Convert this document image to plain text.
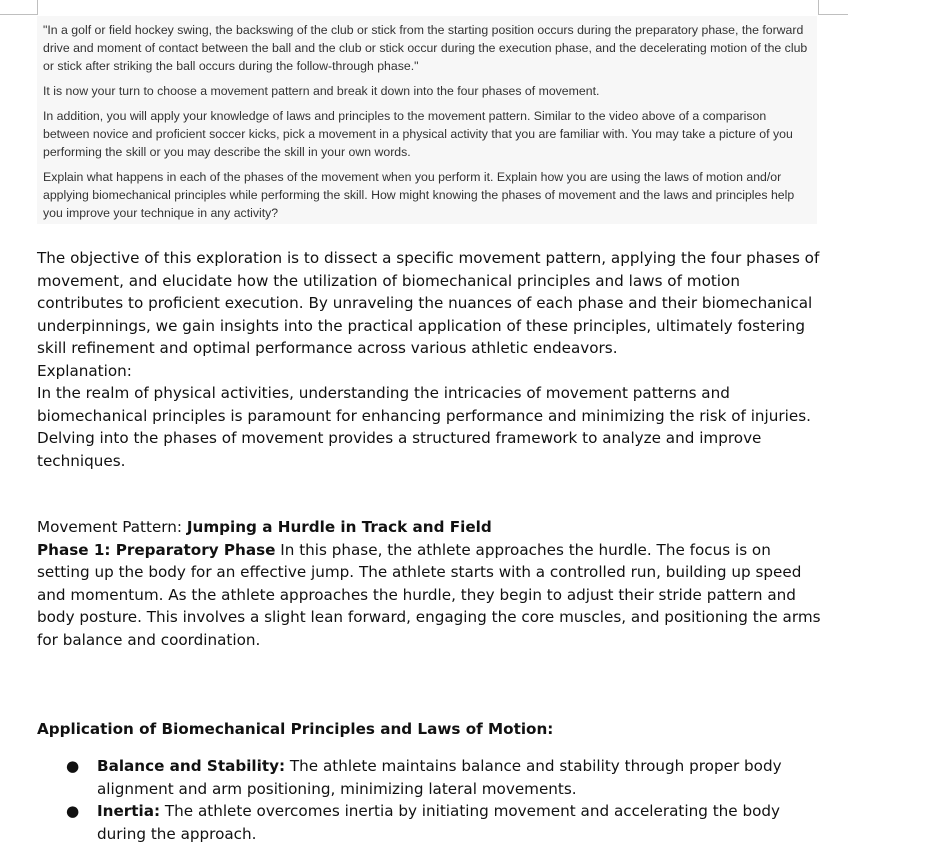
"In a golf or field hockey swing, the backswing of the club or stick from the starting position occurs during the preparatory phase, the forward drive and moment of contact between the ball and the club or stick occur during the execution phase, and the decelerating motion of the club or stick after striking the ball occurs during the follow-through phase."

It is now your turn to choose a movement pattern and break it down into the four phases of movement.

In addition, you will apply your knowledge of laws and principles to the movement pattern. Similar to the video above of a comparison between novice and proficient soccer kicks, pick a movement in a physical activity that you are familiar with. You may take a picture of you performing the skill or you may describe the skill in your own words.

Explain what happens in each of the phases of the movement when you perform it. Explain how you are using the laws of motion and/or applying biomechanical principles while performing the skill. How might knowing the phases of movement and the laws and principles help you improve your technique in any activity?

The objective of this exploration is to dissect a specific movement pattern, applying the four phases of movement, and elucidate how the utilization of biomechanical principles and laws of motion contributes to proficient execution. By unraveling the nuances of each phase and their biomechanical underpinnings, we gain insights into the practical application of these principles, ultimately fostering skill refinement and optimal performance across various athletic endeavors.

Explanation:

In the realm of physical activities, understanding the intricacies of movement patterns and biomechanical principles is paramount for enhancing performance and minimizing the risk of injuries. Delving into the phases of movement provides a structured framework to analyze and improve techniques.

Movement Pattern: Jumping a Hurdle in Track and Field

Phase 1: Preparatory Phase In this phase, the athlete approaches the hurdle. The focus is on setting up the body for an effective jump. The athlete starts with a controlled run, building up speed and momentum. As the athlete approaches the hurdle, they begin to adjust their stride pattern and body posture. This involves a slight lean forward, engaging the core muscles, and positioning the arms for balance and coordination.

Application of Biomechanical Principles and Laws of Motion:

● Balance and Stability: The athlete maintains balance and stability through proper body alignment and arm positioning, minimizing lateral movements.
● Inertia: The athlete overcomes inertia by initiating movement and accelerating the body during the approach.
